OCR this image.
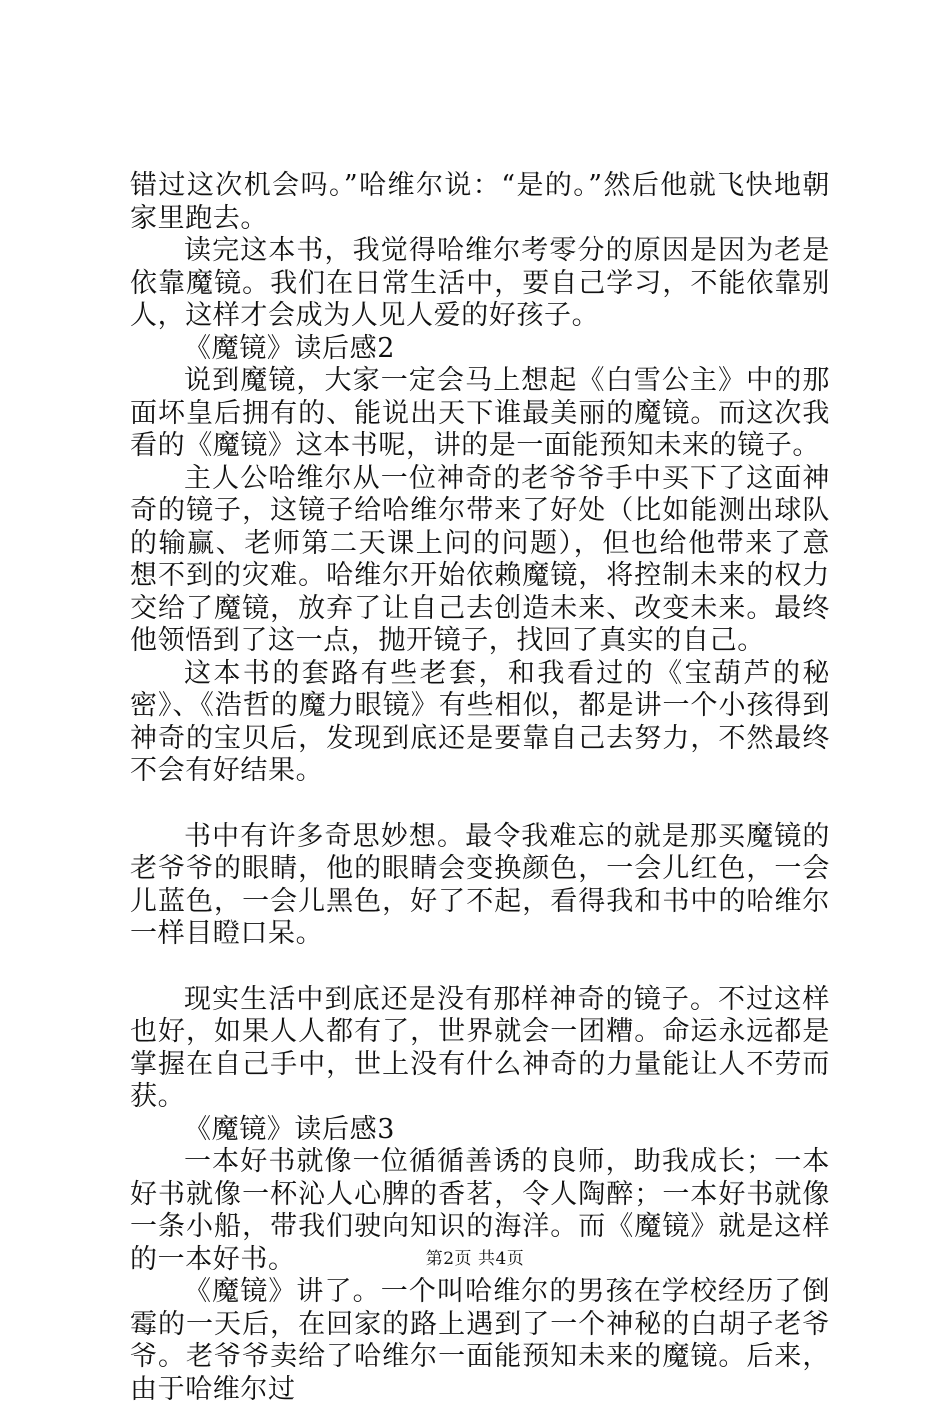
错过这次机会吗。”哈维尔说：“是的。”然后他就飞快地朝家里跑去。

读完这本书，我觉得哈维尔考零分的原因是因为老是依靠魔镜。我们在日常生活中，要自己学习，不能依靠别人，这样才会成为人见人爱的好孩子。

《魔镜》读后感2

说到魔镜，大家一定会马上想起《白雪公主》中的那面坏皇后拥有的、能说出天下谁最美丽的魔镜。而这次我看的《魔镜》这本书呢，讲的是一面能预知未来的镜子。

主人公哈维尔从一位神奇的老爷爷手中买下了这面神奇的镜子，这镜子给哈维尔带来了好处（比如能测出球队的输赢、老师第二天课上问的问题），但也给他带来了意想不到的灾难。哈维尔开始依赖魔镜，将控制未来的权力交给了魔镜，放弃了让自己去创造未来、改变未来。最终他领悟到了这一点，抛开镜子，找回了真实的自己。

这本书的套路有些老套，和我看过的《宝葫芦的秘密》、《浩哲的魔力眼镜》有些相似，都是讲一个小孩得到神奇的宝贝后，发现到底还是要靠自己去努力，不然最终不会有好结果。

书中有许多奇思妙想。最令我难忘的就是那买魔镜的老爷爷的眼睛，他的眼睛会变换颜色，一会儿红色，一会儿蓝色，一会儿黑色，好了不起，看得我和书中的哈维尔一样目瞪口呆。

现实生活中到底还是没有那样神奇的镜子。不过这样也好，如果人人都有了，世界就会一团糟。命运永远都是掌握在自己手中，世上没有什么神奇的力量能让人不劳而获。

《魔镜》读后感3

一本好书就像一位循循善诱的良师，助我成长；一本好书就像一杯沁人心脾的香茗，令人陶醉；一本好书就像一条小船，带我们驶向知识的海洋。而《魔镜》就是这样的一本好书。

《魔镜》讲了。一个叫哈维尔的男孩在学校经历了倒霉的一天后，在回家的路上遇到了一个神秘的白胡子老爷爷。老爷爷卖给了哈维尔一面能预知未来的魔镜。后来，由于哈维尔过

第2页 共4页
